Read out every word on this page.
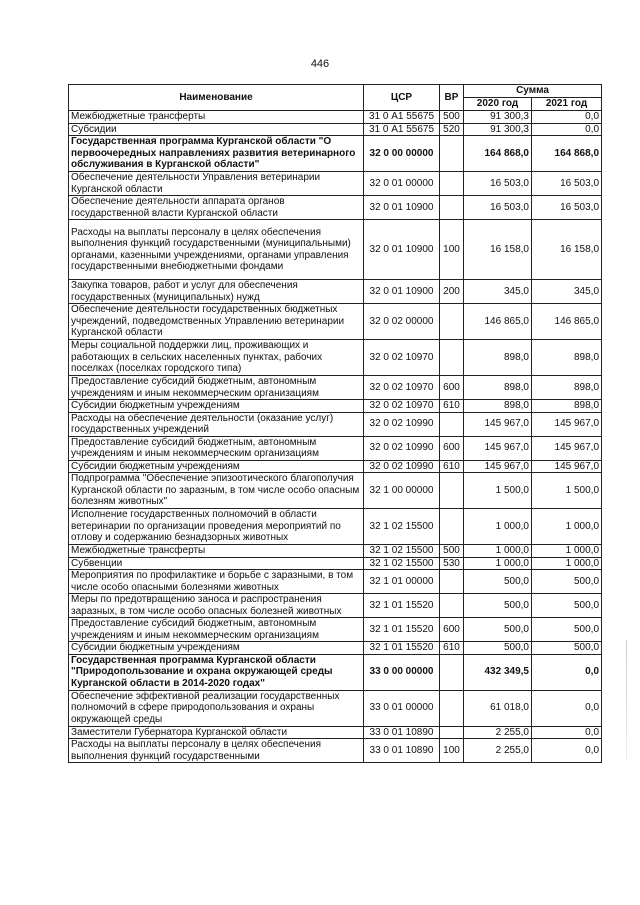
446
Наименование	ЦСР	ВР	Сумма	
			2020 год	2021 год
Межбюджетные трансферты	31 0 А1 55675	500	91 300,3	0,0
Субсидии	31 0 А1 55675	520	91 300,3	0,0
Государственная программа Курганской области "О первоочередных направлениях развития ветеринарного обслуживания в Курганской области"	32 0 00 00000		164 868,0	164 868,0
Обеспечение деятельности Управления ветеринарии Курганской области	32 0 01 00000		16 503,0	16 503,0
Обеспечение деятельности аппарата органов государственной власти Курганской области	32 0 01 10900		16 503,0	16 503,0
Расходы на выплаты персоналу в целях обеспечения выполнения функций государственными (муниципальными) органами, казенными учреждениями, органами управления государственными внебюджетными фондами	32 0 01 10900	100	16 158,0	16 158,0
Закупка товаров, работ и услуг для обеспечения государственных (муниципальных) нужд	32 0 01 10900	200	345,0	345,0
Обеспечение деятельности государственных бюджетных учреждений, подведомственных Управлению ветеринарии Курганской области	32 0 02 00000		146 865,0	146 865,0
Меры социальной поддержки лиц, проживающих и работающих в сельских населенных пунктах, рабочих поселках (поселках городского типа)	32 0 02 10970		898,0	898,0
Предоставление субсидий бюджетным, автономным учреждениям и иным некоммерческим организациям	32 0 02 10970	600	898,0	898,0
Субсидии бюджетным учреждениям	32 0 02 10970	610	898,0	898,0
Расходы на обеспечение деятельности (оказание услуг) государственных учреждений	32 0 02 10990		145 967,0	145 967,0
Предоставление субсидий бюджетным, автономным учреждениям и иным некоммерческим организациям	32 0 02 10990	600	145 967,0	145 967,0
Субсидии бюджетным учреждениям	32 0 02 10990	610	145 967,0	145 967,0
Подпрограмма "Обеспечение эпизоотического благополучия Курганской области по заразным, в том числе особо опасным болезням животных"	32 1 00 00000		1 500,0	1 500,0
Исполнение государственных полномочий в области ветеринарии по организации проведения мероприятий по отлову и содержанию безнадзорных животных	32 1 02 15500		1 000,0	1 000,0
Межбюджетные трансферты	32 1 02 15500	500	1 000,0	1 000,0
Субвенции	32 1 02 15500	530	1 000,0	1 000,0
Мероприятия по профилактике и борьбе с заразными, в том числе особо опасными болезнями животных	32 1 01 00000		500,0	500,0
Меры по предотвращению заноса и распространения заразных, в том числе особо опасных болезней животных	32 1 01 15520		500,0	500,0
Предоставление субсидий бюджетным, автономным учреждениям и иным некоммерческим организациям	32 1 01 15520	600	500,0	500,0
Субсидии бюджетным учреждениям	32 1 01 15520	610	500,0	500,0
Государственная программа Курганской области "Природопользование и охрана окружающей среды Курганской области в 2014-2020 годах"	33 0 00 00000		432 349,5	0,0
Обеспечение эффективной реализации государственных полномочий в сфере природопользования и охраны окружающей среды	33 0 01 00000		61 018,0	0,0
Заместители Губернатора Курганской области	33 0 01 10890		2 255,0	0,0
Расходы на выплаты персоналу в целях обеспечения выполнения функций государственными	33 0 01 10890	100	2 255,0	0,0
